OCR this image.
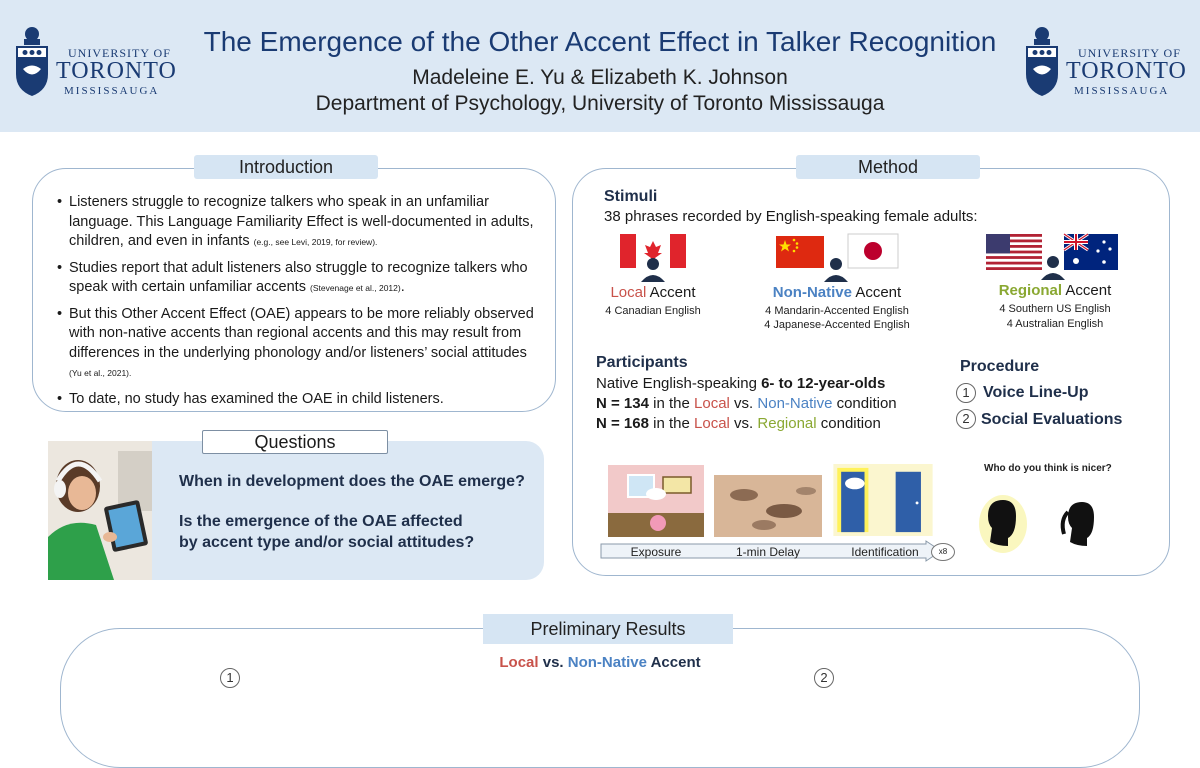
UNIVERSITY OF
TORONTO
MISSISSAUGA
The Emergence of the Other Accent Effect in Talker Recognition
Madeleine E. Yu & Elizabeth K. Johnson
Department of Psychology, University of Toronto Mississauga
UNIVERSITY OF
TORONTO
MISSISSAUGA
• Listeners struggle to recognize talkers who speak in an unfamiliar language. This Language Familiarity Effect is well-documented in adults, children, and even in infants (e.g., see Levi, 2019, for review).
• Studies report that adult listeners also struggle to recognize talkers who speak with certain unfamiliar accents (Stevenage et al., 2012).
• But this Other Accent Effect (OAE) appears to be more reliably observed with non-native accents than regional accents and this may result from differences in the underlying phonology and/or listeners’ social attitudes (Yu et al., 2021).
• To date, no study has examined the OAE in child listeners.
Introduction
When in development does the OAE emerge?
Is the emergence of the OAE affected by accent type and/or social attitudes?
Questions
Method
Stimuli
38 phrases recorded by English-speaking female adults:
Local Accent
4 Canadian English
Non-Native Accent
4 Mandarin-Accented English
4 Japanese-Accented English
Regional Accent
4 Southern US English
4 Australian English
Participants
Native English-speaking 6- to 12-year-olds
N = 134 in the Local vs. Non-Native condition
N = 168 in the Local vs. Regional condition
Procedure
1 Voice Line-Up
2 Social Evaluations
Exposure	1-min Delay	Identification	x8
Who do you think is nicer?
Preliminary Results
Local vs. Non-Native Accent
1	2
